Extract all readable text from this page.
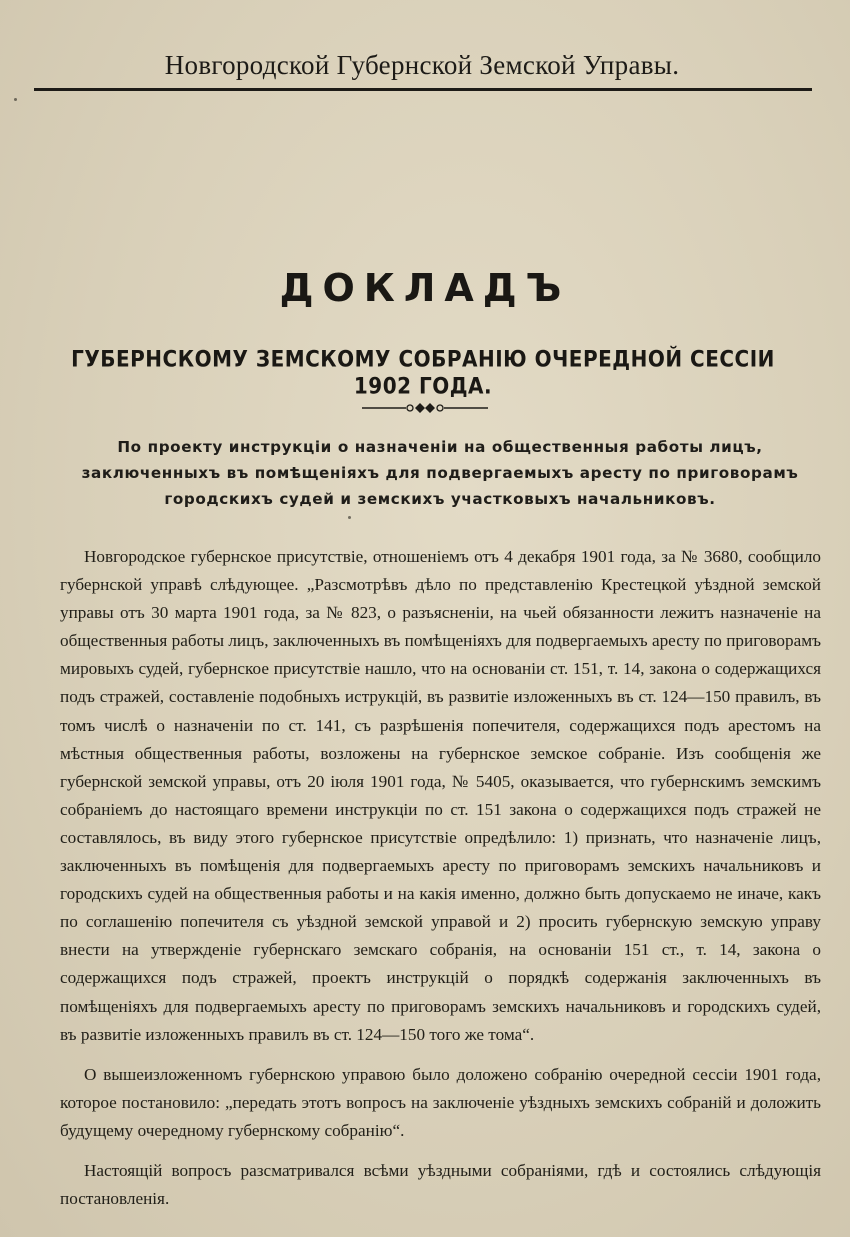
Новгородской Губернской Земской Управы.
ДОКЛАДЪ
ГУБЕРНСКОМУ ЗЕМСКОМУ СОБРАНІЮ ОЧЕРЕДНОЙ СЕССІИ 1902 ГОДА.
По проекту инструкціи о назначеніи на общественныя работы лицъ, заключенныхъ въ помѣщеніяхъ для подвергаемыхъ аресту по приговорамъ городскихъ судей и земскихъ участковыхъ начальниковъ.

Новгородское губернское присутствіе, отношеніемъ отъ 4 декабря 1901 года, за № 3680, сообщило губернской управѣ слѣдующее. „Разсмотрѣвъ дѣло по представленію Крестецкой уѣздной земской управы отъ 30 марта 1901 года, за № 823, о разъясненіи, на чьей обязанности лежитъ назначеніе на общественныя работы лицъ, заключенныхъ въ помѣщеніяхъ для подвергаемыхъ аресту по приговорамъ мировыхъ судей, губернское присутствіе нашло, что на основаніи ст. 151, т. 14, закона о содержащихся подъ стражей, составленіе подобныхъ иструкцій, въ развитіе изложенныхъ въ ст. 124—150 правилъ, въ томъ числѣ о назначеніи по ст. 141, съ разрѣшенія попечителя, содержащихся подъ арестомъ на мѣстныя общественныя работы, возложены на губернское земское собраніе. Изъ сообщенія же губернской земской управы, отъ 20 іюля 1901 года, № 5405, оказывается, что губернскимъ земскимъ собраніемъ до настоящаго времени инструкціи по ст. 151 закона о содержащихся подъ стражей не составлялось, въ виду этого губернское присутствіе опредѣлило: 1) признать, что назначеніе лицъ, заключенныхъ въ помѣщенія для подвергаемыхъ аресту по приговорамъ земскихъ начальниковъ и городскихъ судей на общественныя работы и на какія именно, должно быть допускаемо не иначе, какъ по соглашенію попечителя съ уѣздной земской управой и 2) просить губернскую земскую управу внести на утвержденіе губернскаго земскаго собранія, на основаніи 151 ст., т. 14, закона о содержащихся подъ стражей, проектъ инструкцій о порядкѣ содержанія заключенныхъ въ помѣщеніяхъ для подвергаемыхъ аресту по приговорамъ земскихъ начальниковъ и городскихъ судей, въ развитіе изложенныхъ правилъ въ ст. 124—150 того же тома“.

О вышеизложенномъ губернскою управою было доложено собранію очередной сессіи 1901 года, которое постановило: „передать этотъ вопросъ на заключеніе уѣздныхъ земскихъ собраній и доложить будущему очередному губернскому собранію“.

Настоящій вопросъ разсматривался всѣми уѣздными собраніями, гдѣ и состоялись слѣдующія постановленія.
